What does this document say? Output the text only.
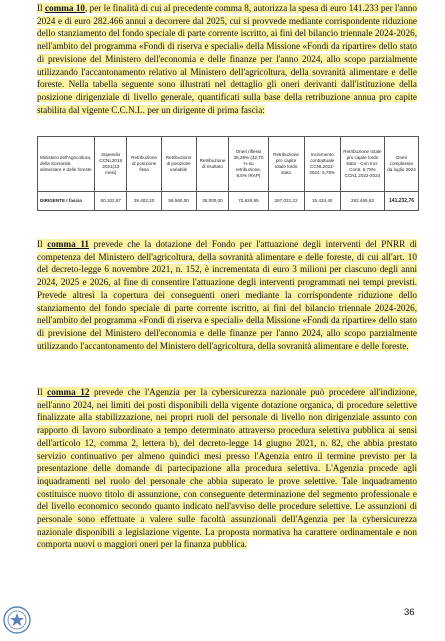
Il comma 10, per le finalità di cui al precedente comma 8, autorizza la spesa di euro 141.233 per l'anno 2024 e di euro 282.466 annui a decorrere dal 2025, cui si provvede mediante corrispondente riduzione dello stanziamento del fondo speciale di parte corrente iscritto, ai fini del bilancio triennale 2024-2026, nell'ambito del programma «Fondi di riserva e speciali» della Missione «Fondi da ripartire» dello stato di previsione del Ministero dell'economia e delle finanze per l'anno 2024, allo scopo parzialmente utilizzando l'accantonamento relativo al Ministero dell'agricoltura, della sovranità alimentare e delle foreste. Nella tabella seguente sono illustrati nel dettaglio gli oneri derivanti dall'istituzione della posizione dirigenziale di livello generale, quantificati sulla base della retribuzione annua pro capite stabilita dal vigente C.C.N.L. per un dirigente di prima fascia:
Ministero dell'Agricoltura, della Sovranità alimentare e delle foreste	Stipendio CCNL2019 2021(13 mesi)	Retribuzione di posizione fissa	Retribuzione di posizione variabile	Retribuzione di risultato	Oneri riflessi 38,38% (32,70 % su retribuzione, 8,5% IRAP)	Retribuzione pro capite totale lordo stato	Incremento contrattuale CCNL2022-2024: 5,78%	Retribuzione totale pro capite lordo stato - Con Incr. Contr. 5,78% CCNL 2022-2024	Oneri complessivi da luglio 2024
DIRIGENTE I fascia	60.102,87	39.402,20	59.560,00	35.000,00	72.625,95	267.031,22	15.434,40	282.465,63	141.232,76
Il comma 11 prevede che la dotazione del Fondo per l'attuazione degli interventi del PNRR di competenza del Ministero dell'agricoltura, della sovranità alimentare e delle foreste, di cui all'art. 10 del decreto-legge 6 novembre 2021, n. 152, è incrementata di euro 3 milioni per ciascuno degli anni 2024, 2025 e 2026, al fine di consentire l'attuazione degli interventi programmati nei tempi previsti. Prevede altresì la copertura dei conseguenti oneri mediante la corrispondente riduzione dello stanziamento del fondo speciale di parte corrente iscritto, ai fini del bilancio triennale 2024-2026, nell'ambito del programma «Fondi di riserva e speciali» della Missione «Fondi da ripartire» dello stato di previsione del Ministero dell'economia e delle finanze per l'anno 2024, allo scopo parzialmente utilizzando l'accantonamento del Ministero dell'agricoltura, della sovranità alimentare e delle foreste.
Il comma 12 prevede che l'Agenzia per la cybersicurezza nazionale può procedere all'indizione, nell'anno 2024, nei limiti dei posti disponibili della vigente dotazione organica, di procedure selettive finalizzate alla stabilizzazione, nei propri ruoli del personale di livello non dirigenziale assunto con rapporto di lavoro subordinato a tempo determinato attraverso procedura selettiva pubblica ai sensi dell'articolo 12, comma 2, lettera b), del decreto-legge 14 giugno 2021, n. 82, che abbia prestato servizio continuativo per almeno quindici mesi presso l'Agenzia entro il termine previsto per la presentazione delle domande di partecipazione alla procedura selettiva. L'Agenzia procede agli inquadramenti nel ruolo del personale che abbia superato le prove selettive. Tale inquadramento costituisce nuovo titolo di assunzione, con conseguente determinazione del segmento professionale e del livello economico secondo quanto indicato nell'avviso delle procedure selettive. Le assunzioni di personale sono effettuate a valere sulle facoltà assunzionali dell'Agenzia per la cybersicurezza nazionale disponibili a legislazione vigente. La proposta normativa ha carattere ordinamentale e non comporta nuovi o maggiori oneri per la finanza pubblica.
36
